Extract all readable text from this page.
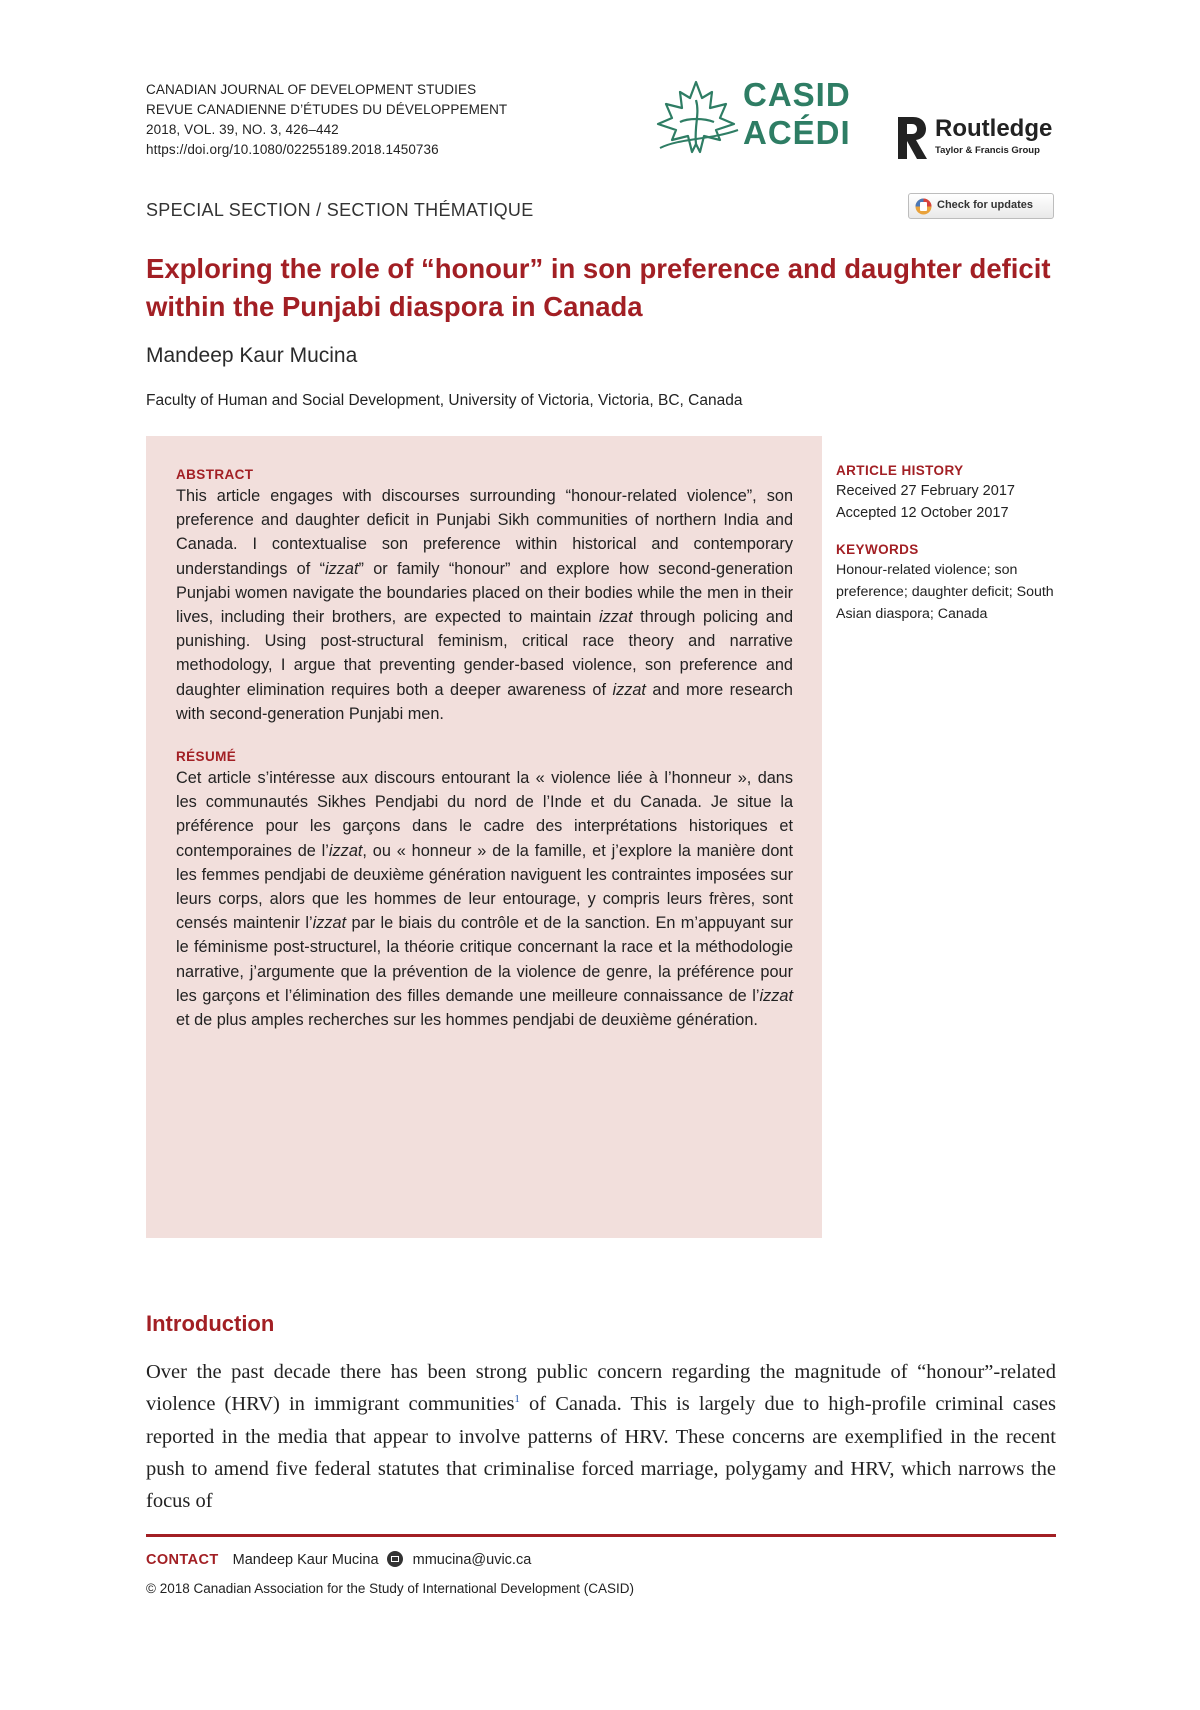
CANADIAN JOURNAL OF DEVELOPMENT STUDIES
REVUE CANADIENNE D’ÉTUDES DU DÉVELOPPEMENT
2018, VOL. 39, NO. 3, 426–442
https://doi.org/10.1080/02255189.2018.1450736
CASID
ACÉDI	Routledge
Taylor & Francis Group
SPECIAL SECTION / SECTION THÉMATIQUE	Check for updates
Exploring the role of “honour” in son preference and daughter deficit within the Punjabi diaspora in Canada
Mandeep Kaur Mucina
Faculty of Human and Social Development, University of Victoria, Victoria, BC, Canada
ABSTRACT

This article engages with discourses surrounding “honour-related violence”, son preference and daughter deficit in Punjabi Sikh communities of northern India and Canada. I contextualise son preference within historical and contemporary understandings of “izzat” or family “honour” and explore how second-generation Punjabi women navigate the boundaries placed on their bodies while the men in their lives, including their brothers, are expected to maintain izzat through policing and punishing. Using post-structural feminism, critical race theory and narrative methodology, I argue that preventing gender-based violence, son preference and daughter elimination requires both a deeper awareness of izzat and more research with second-generation Punjabi men.

RÉSUMÉ

Cet article s’intéresse aux discours entourant la « violence liée à l’honneur », dans les communautés Sikhes Pendjabi du nord de l’Inde et du Canada. Je situe la préférence pour les garçons dans le cadre des interprétations historiques et contemporaines de l’izzat, ou « honneur » de la famille, et j’explore la manière dont les femmes pendjabi de deuxième génération naviguent les contraintes imposées sur leurs corps, alors que les hommes de leur entourage, y compris leurs frères, sont censés maintenir l’izzat par le biais du contrôle et de la sanction. En m’appuyant sur le féminisme post-structurel, la théorie critique concernant la race et la méthodologie narrative, j’argumente que la prévention de la violence de genre, la préférence pour les garçons et l’élimination des filles demande une meilleure connaissance de l’izzat et de plus amples recherches sur les hommes pendjabi de deuxième génération.

ARTICLE HISTORY
Received 27 February 2017
Accepted 12 October 2017
KEYWORDS
Honour-related violence; son preference; daughter deficit; South Asian diaspora; Canada
Introduction

Over the past decade there has been strong public concern regarding the magnitude of “honour”-related violence (HRV) in immigrant communities$^1$ of Canada. This is largely due to high-profile criminal cases reported in the media that appear to involve patterns of HRV. These concerns are exemplified in the recent push to amend five federal statutes that criminalise forced marriage, polygamy and HRV, which narrows the focus of

CONTACT Mandeep Kaur Mucina mmucina@uvic.ca
© 2018 Canadian Association for the Study of International Development (CASID)
